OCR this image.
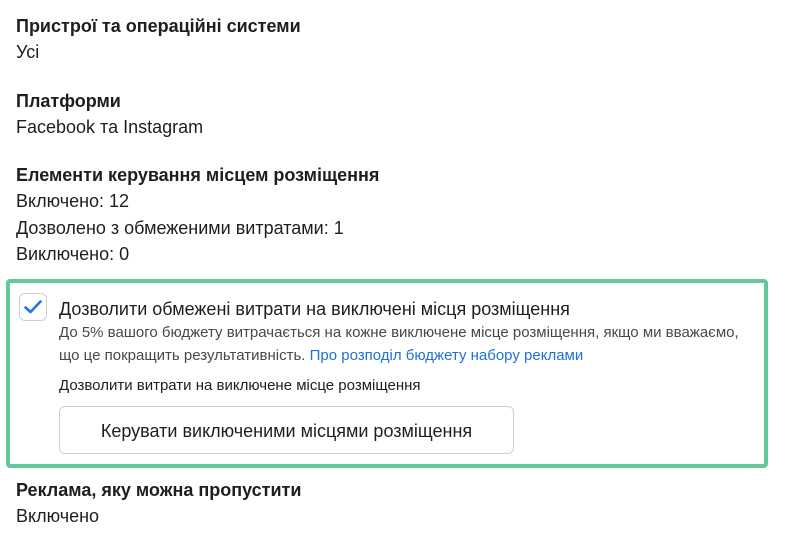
Пристрої та операційні системи

Усі

Платформи

Facebook та Instagram

Елементи керування місцем розміщення

Включено: 12

Дозволено з обмеженими витратами: 1

Виключено: 0

Дозволити обмежені витрати на виключені місця розміщення
До 5% вашого бюджету витрачається на кожне виключене місце розміщення, якщо ми вважаємо, що це покращить результативність. Про розподіл бюджету набору реклами
Дозволити витрати на виключене місце розміщення
Керувати виключеними місцями розміщення

Реклама, яку можна пропустити

Включено
